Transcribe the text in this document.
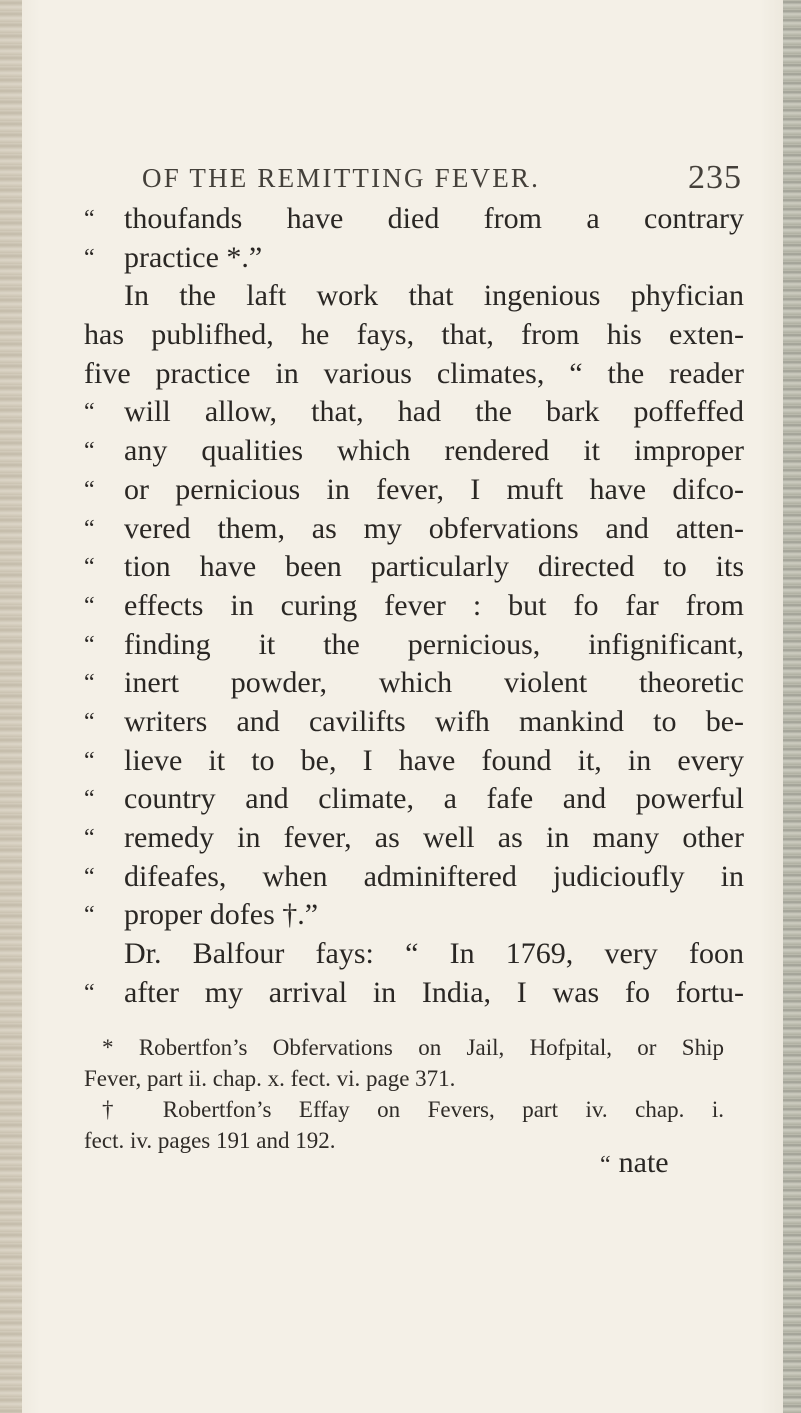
OF THE REMITTING FEVER.	235
“ thoufands have died from a contrary
“ practice *.”
In the laft work that ingenious phyfician
has publifhed, he fays, that, from his exten-
five practice in various climates, “ the reader
“ will allow, that, had the bark poffeffed
“ any qualities which rendered it improper
“ or pernicious in fever, I muft have difco-
“ vered them, as my obfervations and atten-
“ tion have been particularly directed to its
“ effects in curing fever : but fo far from
“ finding it the pernicious, infignificant,
“ inert powder, which violent theoretic
“ writers and cavilifts wifh mankind to be-
“ lieve it to be, I have found it, in every
“ country and climate, a fafe and powerful
“ remedy in fever, as well as in many other
“ difeafes, when adminiftered judicioufly in
“ proper dofes †.”
Dr. Balfour fays: “ In 1769, very foon
“ after my arrival in India, I was fo fortu-
* Robertfon’s Obfervations on Jail, Hofpital, or Ship
Fever, part ii. chap. x. fect. vi. page 371.
† Robertfon’s Effay on Fevers, part iv. chap. i.
fect. iv. pages 191 and 192.
“ nate
